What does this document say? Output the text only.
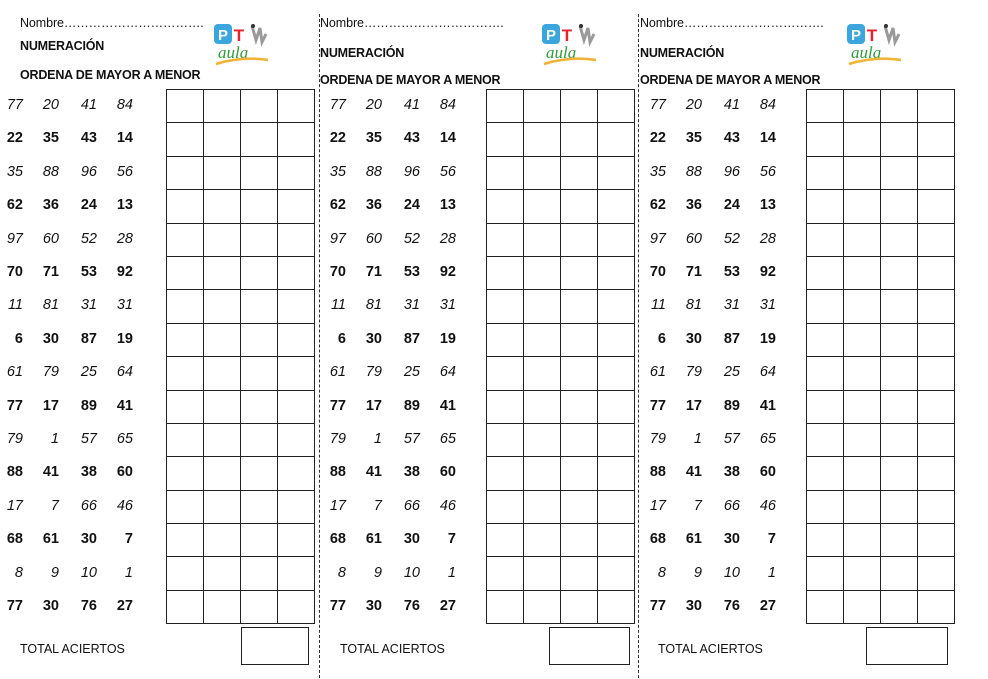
Nombre…………………………….
NUMERACIÓN
ORDENA DE MAYOR A MENOR
P T
aula
77	20	41	84
22	35	43	14
35	88	96	56
62	36	24	13
97	60	52	28
70	71	53	92
11	81	31	31
6	30	87	19
61	79	25	64
77	17	89	41
79	1	57	65
88	41	38	60
17	7	66	46
68	61	30	7
8	9	10	1
77	30	76	27

TOTAL ACIERTOS
Nombre…………………………….
NUMERACIÓN
ORDENA DE MAYOR A MENOR
P T
aula
77	20	41	84
22	35	43	14
35	88	96	56
62	36	24	13
97	60	52	28
70	71	53	92
11	81	31	31
6	30	87	19
61	79	25	64
77	17	89	41
79	1	57	65
88	41	38	60
17	7	66	46
68	61	30	7
8	9	10	1
77	30	76	27

TOTAL ACIERTOS
Nombre…………………………….
NUMERACIÓN
ORDENA DE MAYOR A MENOR
P T
aula
77	20	41	84
22	35	43	14
35	88	96	56
62	36	24	13
97	60	52	28
70	71	53	92
11	81	31	31
6	30	87	19
61	79	25	64
77	17	89	41
79	1	57	65
88	41	38	60
17	7	66	46
68	61	30	7
8	9	10	1
77	30	76	27

TOTAL ACIERTOS
